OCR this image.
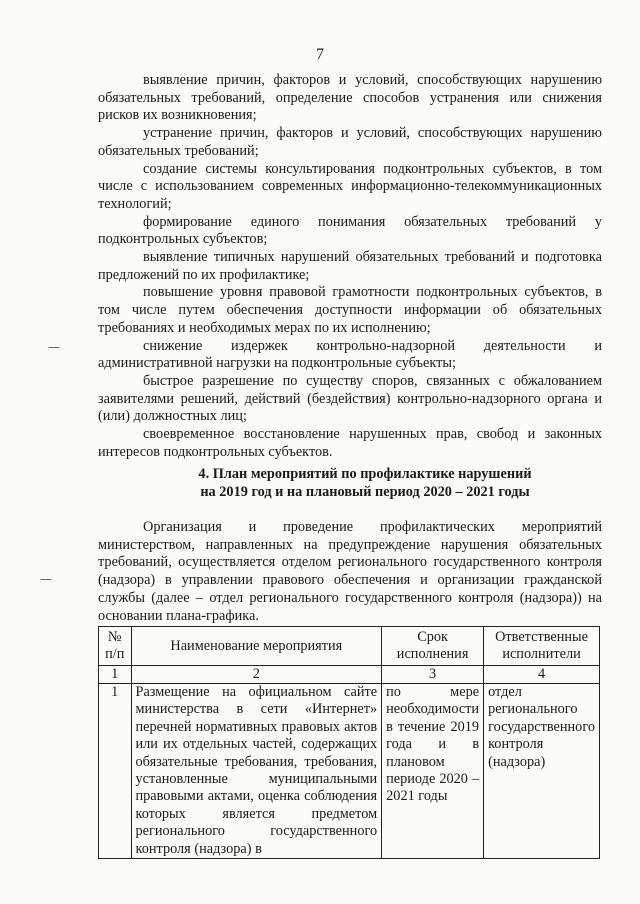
7

выявление причин, факторов и условий, способствующих нарушению обязательных требований, определение способов устранения или снижения рисков их возникновения;

устранение причин, факторов и условий, способствующих нарушению обязательных требований;

создание системы консультирования подконтрольных субъектов, в том числе с использованием современных информационно-телекоммуникационных технологий;

формирование единого понимания обязательных требований у подконтрольных субъектов;

выявление типичных нарушений обязательных требований и подготовка предложений по их профилактике;

повышение уровня правовой грамотности подконтрольных субъектов, в том числе путем обеспечения доступности информации об обязательных требованиях и необходимых мерах по их исполнению;

снижение издержек контрольно-надзорной деятельности и административной нагрузки на подконтрольные субъекты;

быстрое разрешение по существу споров, связанных с обжалованием заявителями решений, действий (бездействия) контрольно-надзорного органа и (или) должностных лиц;

своевременное восстановление нарушенных прав, свобод и законных интересов подконтрольных субъектов.

4. План мероприятий по профилактике нарушений
на 2019 год и на плановый период 2020 – 2021 годы

Организация и проведение профилактических мероприятий министерством, направленных на предупреждение нарушения обязательных требований, осуществляется отделом регионального государственного контроля (надзора) в управлении правового обеспечения и организации гражданской службы (далее – отдел регионального государственного контроля (надзора)) на основании плана-графика.

№ п/п	Наименование мероприятия	Срок исполнения	Ответственные исполнители
1	2	3	4
1	Размещение на официальном сайте министерства в сети «Интернет» перечней нормативных правовых актов или их отдельных частей, содержащих обязательные требования, требования, установленные муниципальными правовыми актами, оценка соблюдения которых является предметом регионального государственного контроля (надзора) в	по мере необходимости в течение 2019 года и в плановом периоде 2020 – 2021 годы	отдел регионального государственного контроля (надзора)
—
—
